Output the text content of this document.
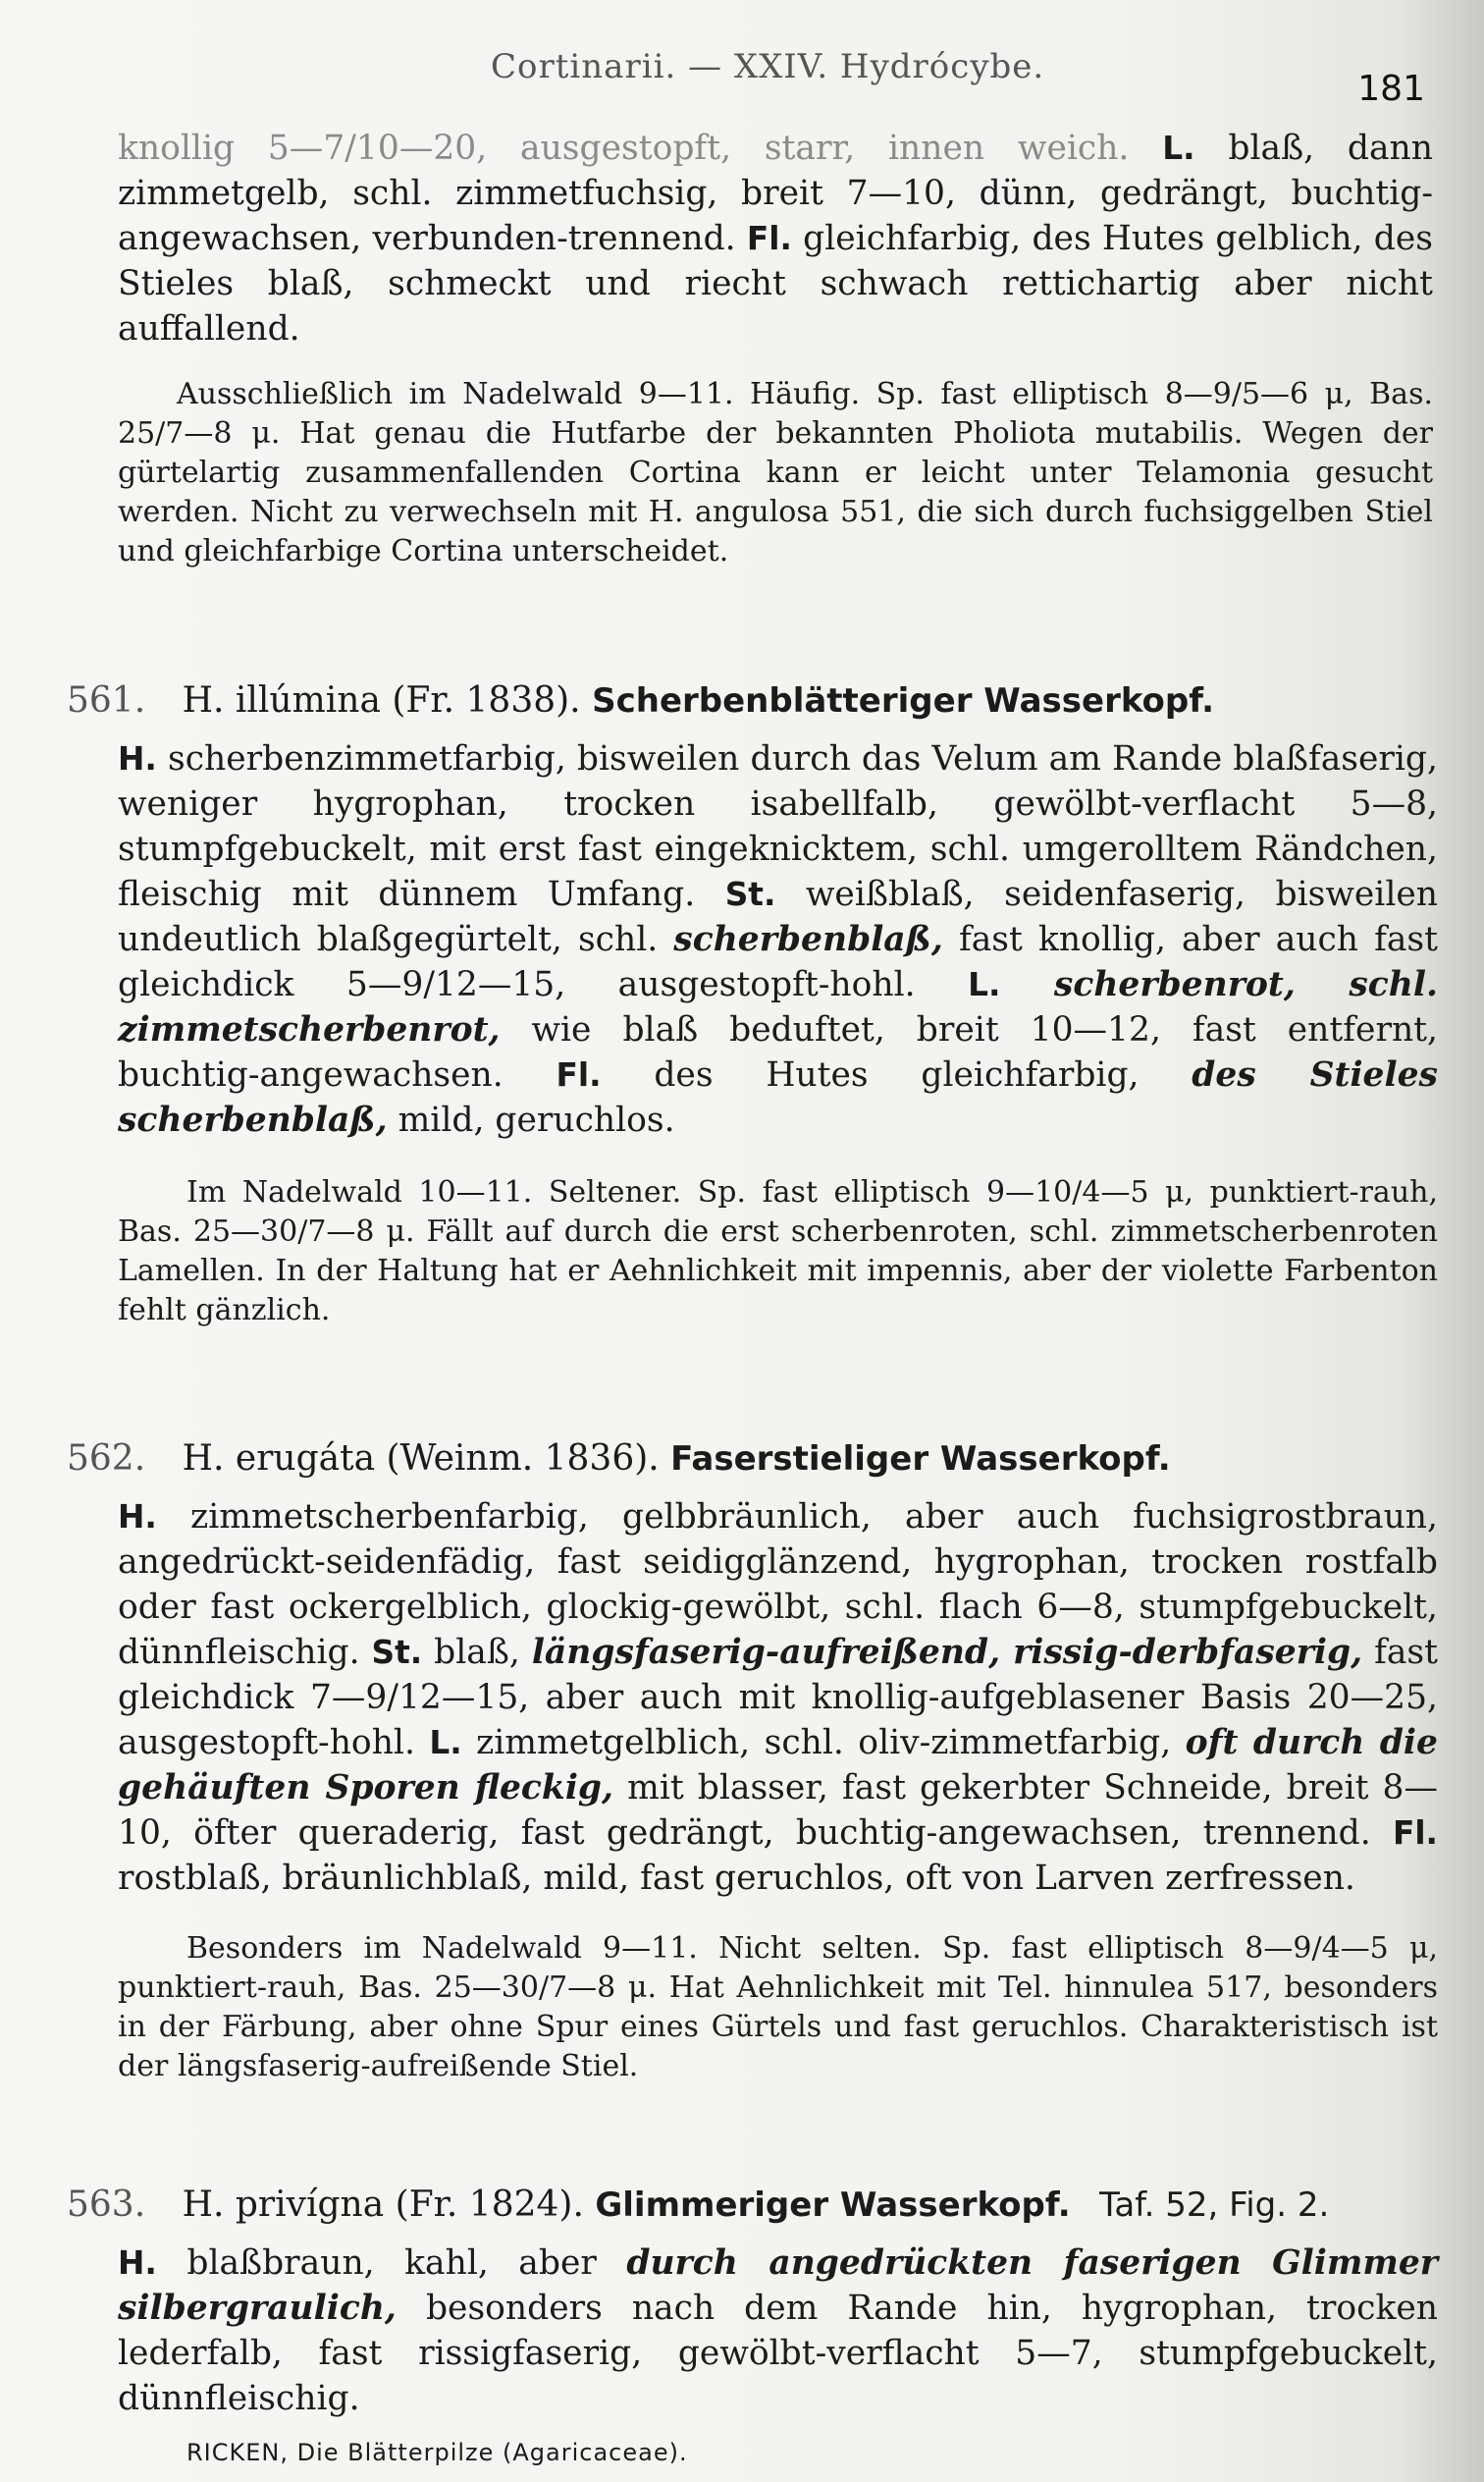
Cortinarii. — XXIV. Hydrócybe.
181
knollig 5—7/10—20, ausgestopft, starr, innen weich. L. blaß, dann zimmetgelb, schl. zimmetfuchsig, breit 7—10, dünn, gedrängt, buchtig-angewachsen, verbunden-trennend. Fl. gleichfarbig, des Hutes gelblich, des Stieles blaß, schmeckt und riecht schwach rettichartig aber nicht auffallend.
Ausschließlich im Nadelwald 9—11. Häufig. Sp. fast elliptisch 8—9/5—6 μ, Bas. 25/7—8 μ. Hat genau die Hutfarbe der bekannten Pholiota mutabilis. Wegen der gürtelartig zusammenfallenden Cortina kann er leicht unter Telamonia gesucht werden. Nicht zu verwechseln mit H. angulosa 551, die sich durch fuchsiggelben Stiel und gleichfarbige Cortina unterscheidet.
561. H. illúmina (Fr. 1838). Scherbenblätteriger Wasserkopf.
H. scherbenzimmetfarbig, bisweilen durch das Velum am Rande blaßfaserig, weniger hygrophan, trocken isabellfalb, gewölbt-verflacht 5—8, stumpfgebuckelt, mit erst fast eingeknicktem, schl. umgerolltem Rändchen, fleischig mit dünnem Umfang. St. weißblaß, seidenfaserig, bisweilen undeutlich blaßgegürtelt, schl. scherbenblaß, fast knollig, aber auch fast gleichdick 5—9/12—15, ausgestopft-hohl. L. scherbenrot, schl. zimmetscherbenrot, wie blaß beduftet, breit 10—12, fast entfernt, buchtig-angewachsen. Fl. des Hutes gleichfarbig, des Stieles scherbenblaß, mild, geruchlos.
Im Nadelwald 10—11. Seltener. Sp. fast elliptisch 9—10/4—5 μ, punktiert-rauh, Bas. 25—30/7—8 μ. Fällt auf durch die erst scherbenroten, schl. zimmetscherbenroten Lamellen. In der Haltung hat er Aehnlichkeit mit impennis, aber der violette Farbenton fehlt gänzlich.
562. H. erugáta (Weinm. 1836). Faserstieliger Wasserkopf.
H. zimmetscherbenfarbig, gelbbräunlich, aber auch fuchsigrostbraun, angedrückt-seidenfädig, fast seidigglänzend, hygrophan, trocken rostfalb oder fast ockergelblich, glockig-gewölbt, schl. flach 6—8, stumpfgebuckelt, dünnfleischig. St. blaß, längsfaserig-aufreißend, rissig-derbfaserig, fast gleichdick 7—9/12—15, aber auch mit knollig-aufgeblasener Basis 20—25, ausgestopft-hohl. L. zimmetgelblich, schl. oliv-zimmetfarbig, oft durch die gehäuften Sporen fleckig, mit blasser, fast gekerbter Schneide, breit 8—10, öfter queraderig, fast gedrängt, buchtig-angewachsen, trennend. Fl. rostblaß, bräunlichblaß, mild, fast geruchlos, oft von Larven zerfressen.
Besonders im Nadelwald 9—11. Nicht selten. Sp. fast elliptisch 8—9/4—5 μ, punktiert-rauh, Bas. 25—30/7—8 μ. Hat Aehnlichkeit mit Tel. hinnulea 517, besonders in der Färbung, aber ohne Spur eines Gürtels und fast geruchlos. Charakteristisch ist der längsfaserig-aufreißende Stiel.
563. H. privígna (Fr. 1824). Glimmeriger Wasserkopf. Taf. 52, Fig. 2.
H. blaßbraun, kahl, aber durch angedrückten faserigen Glimmer silbergraulich, besonders nach dem Rande hin, hygrophan, trocken lederfalb, fast rissigfaserig, gewölbt-verflacht 5—7, stumpfgebuckelt, dünnfleischig.
RICKEN, Die Blätterpilze (Agaricaceae).
